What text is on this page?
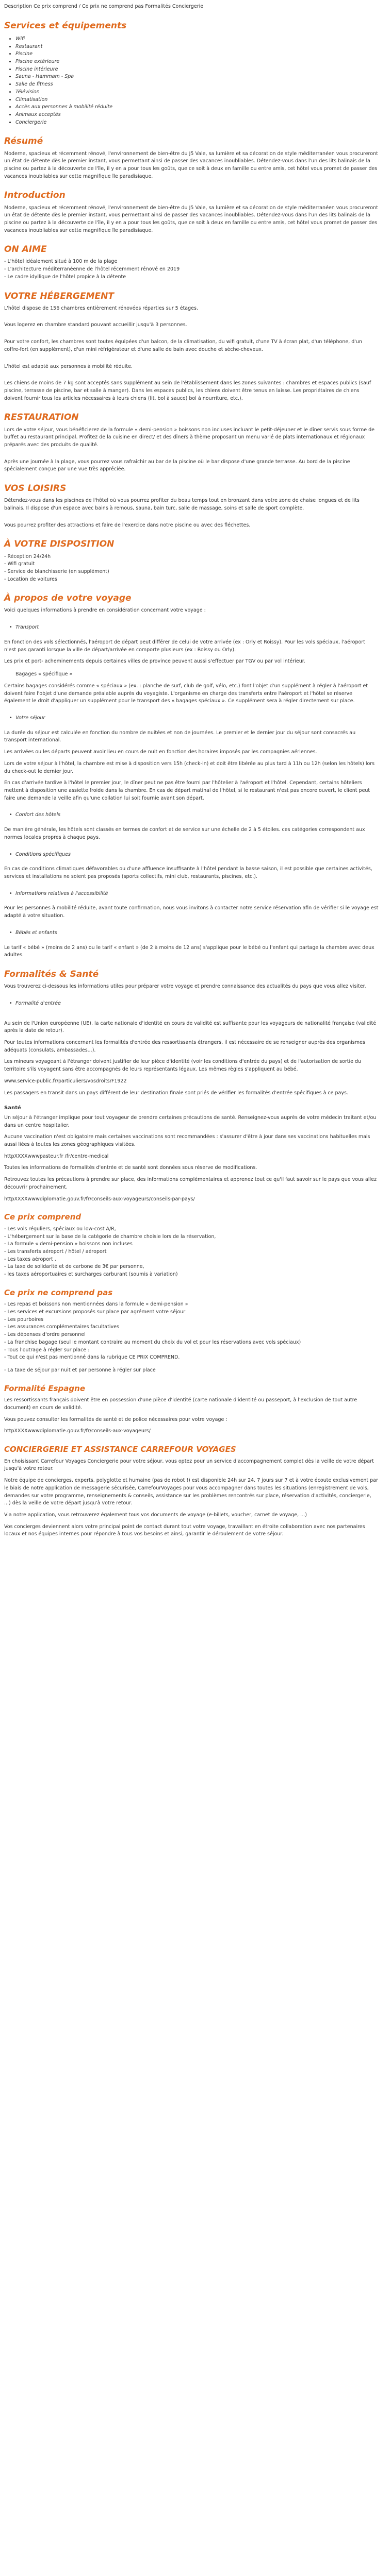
Description Ce prix comprend / Ce prix ne comprend pas Formalités Conciergerie

Services et équipements
• Wifi
• Restaurant
• Piscine
• Piscine extérieure
• Piscine intérieure
• Sauna - Hammam - Spa
• Salle de fitness
• Télévision
• Climatisation
• Accès aux personnes à mobilité réduite
• Animaux acceptés
• Conciergerie
Résumé

Moderne, spacieux et récemment rénové, l'environnement de bien-être du J5 Vale, sa lumière et sa décoration de style méditerranéen vous procureront un état de détente dès le premier instant, vous permettant ainsi de passer des vacances inoubliables. Détendez-vous dans l'un des lits balinais de la piscine ou partez à la découverte de l'île, il y en a pour tous les goûts, que ce soit à deux en famille ou entre amis, cet hôtel vous promet de passer des vacances inoubliables sur cette magnifique île paradisiaque.

Introduction

Moderne, spacieux et récemment rénové, l'environnement de bien-être du J5 Vale, sa lumière et sa décoration de style méditerranéen vous procureront un état de détente dès le premier instant, vous permettant ainsi de passer des vacances inoubliables. Détendez-vous dans l'un des lits balinais de la piscine ou partez à la découverte de l'île, il y en a pour tous les goûts, que ce soit à deux en famille ou entre amis, cet hôtel vous promet de passer des vacances inoubliables sur cette magnifique île paradisiaque.

ON AIME
- L'hôtel idéalement situé à 100 m de la plage
- L'architecture méditerranéenne de l'hôtel récemment rénové en 2019
- Le cadre idyllique de l'hôtel propice à la détente
VOTRE HÉBERGEMENT

L'hôtel dispose de 156 chambres entièrement rénovées réparties sur 5 étages.

Vous logerez en chambre standard pouvant accueillir jusqu'à 3 personnes.

Pour votre confort, les chambres sont toutes équipées d'un balcon, de la climatisation, du wifi gratuit, d'une TV à écran plat, d'un téléphone, d'un coffre-fort (en supplément), d'un mini réfrigérateur et d'une salle de bain avec douche et sèche-cheveux.

L'hôtel est adapté aux personnes à mobilité réduite.

Les chiens de moins de 7 kg sont acceptés sans supplément au sein de l'établissement dans les zones suivantes : chambres et espaces publics (sauf piscine, terrasse de piscine, bar et salle à manger). Dans les espaces publics, les chiens doivent être tenus en laisse. Les propriétaires de chiens doivent fournir tous les articles nécessaires à leurs chiens (lit, bol à sauce) bol à nourriture, etc.).

RESTAURATION

Lors de votre séjour, vous bénéficierez de la formule « demi-pension » boissons non incluses incluant le petit-déjeuner et le dîner servis sous forme de buffet au restaurant principal. Profitez de la cuisine en direct/ et des dîners à thème proposant un menu varié de plats internationaux et régionaux préparés avec des produits de qualité.

Après une journée à la plage, vous pourrez vous rafraîchir au bar de la piscine où le bar dispose d'une grande terrasse. Au bord de la piscine spécialement conçue par une vue très appréciée.

VOS LOISIRS

Détendez-vous dans les piscines de l'hôtel où vous pourrez profiter du beau temps tout en bronzant dans votre zone de chaise longues et de lits balinais. Il dispose d'un espace avec bains à remous, sauna, bain turc, salle de massage, soins et salle de sport complète.

Vous pourrez profiter des attractions et faire de l'exercice dans notre piscine ou avec des fléchettes.

À VOTRE DISPOSITION
- Réception 24/24h
- Wifi gratuit
- Service de blanchisserie (en supplément)
- Location de voitures
À propos de votre voyage

Voici quelques informations à prendre en considération concernant votre voyage :

• Transport

En fonction des vols sélectionnés, l'aéroport de départ peut différer de celui de votre arrivée (ex : Orly et Roissy). Pour les vols spéciaux, l'aéroport n'est pas garanti lorsque la ville de départ/arrivée en comporte plusieurs (ex : Roissy ou Orly).

Les prix et port- acheminements depuis certaines villes de province peuvent aussi s'effectuer par TGV ou par vol intérieur.

Bagages « spécifique »

Certains bagages considérés comme « spéciaux » (ex. : planche de surf, club de golf, vélo, etc.) font l'objet d'un supplément à régler à l'aéroport et doivent faire l'objet d'une demande préalable auprès du voyagiste. L'organisme en charge des transferts entre l'aéroport et l'hôtel se réserve également le droit d'appliquer un supplément pour le transport des « bagages spéciaux ». Ce supplément sera à régler directement sur place.

• Votre séjour

La durée du séjour est calculée en fonction du nombre de nuitées et non de journées. Le premier et le dernier jour du séjour sont consacrés au transport international.

Les arrivées ou les départs peuvent avoir lieu en cours de nuit en fonction des horaires imposés par les compagnies aériennes.

Lors de votre séjour à l'hôtel, la chambre est mise à disposition vers 15h (check-in) et doit être libérée au plus tard à 11h ou 12h (selon les hôtels) lors du check-out le dernier jour.

En cas d'arrivée tardive à l'hôtel le premier jour, le dîner peut ne pas être fourni par l'hôtelier à l'aéroport et l'hôtel. Cependant, certains hôteliers mettent à disposition une assiette froide dans la chambre. En cas de départ matinal de l'hôtel, si le restaurant n'est pas encore ouvert, le client peut faire une demande la veille afin qu'une collation lui soit fournie avant son départ.

• Confort des hôtels

De manière générale, les hôtels sont classés en termes de confort et de service sur une échelle de 2 à 5 étoiles. ces catégories correspondent aux normes locales propres à chaque pays.

• Conditions spécifiques

En cas de conditions climatiques défavorables ou d'une affluence insuffisante à l'hôtel pendant la basse saison, il est possible que certaines activités, services et installations ne soient pas proposés (sports collectifs, mini club, restaurants, piscines, etc.).

• Informations relatives à l'accessibilité

Pour les personnes à mobilité réduite, avant toute confirmation, nous vous invitons à contacter notre service réservation afin de vérifier si le voyage est adapté à votre situation.

• Bébés et enfants

Le tarif « bébé » (moins de 2 ans) ou le tarif « enfant » (de 2 à moins de 12 ans) s'applique pour le bébé ou l'enfant qui partage la chambre avec deux adultes.

Formalités & Santé

Vous trouverez ci-dessous les informations utiles pour préparer votre voyage et prendre connaissance des actualités du pays que vous allez visiter.

• Formalité d'entrée

Au sein de l'Union européenne (UE), la carte nationale d'identité en cours de validité est suffisante pour les voyageurs de nationalité française (validité après la date de retour).

Pour toutes informations concernant les formalités d'entrée des ressortissants étrangers, il est nécessaire de se renseigner auprès des organismes adéquats (consulats, ambassades...).

Les mineurs voyageant à l'étranger doivent justifier de leur pièce d'identité (voir les conditions d'entrée du pays) et de l'autorisation de sortie du territoire s'ils voyagent sans être accompagnés de leurs représentants légaux. Les mêmes règles s'appliquent au bébé.

www.service-public.fr/particuliers/vosdroits/F1922

Les passagers en transit dans un pays différent de leur destination finale sont priés de vérifier les formalités d'entrée spécifiques à ce pays.

Santé

Un séjour à l'étranger implique pour tout voyageur de prendre certaines précautions de santé. Renseignez-vous auprès de votre médecin traitant et/ou dans un centre hospitalier.

Aucune vaccination n'est obligatoire mais certaines vaccinations sont recommandées : s'assurer d'être à jour dans ses vaccinations habituelles mais aussi liées à toutes les zones géographiques visitées.

httpXXXXwwwpasteur.fr /fr/centre-medical

Toutes les informations de formalités d'entrée et de santé sont données sous réserve de modifications.

Retrouvez toutes les précautions à prendre sur place, des informations complémentaires et apprenez tout ce qu'il faut savoir sur le pays que vous allez découvrir prochainement.

httpXXXXwwwdiplomatie.gouv.fr/fr/conseils-aux-voyageurs/conseils-par-pays/

Ce prix comprend
- Les vols réguliers, spéciaux ou low-cost A/R,
- L'hébergement sur la base de la catégorie de chambre choisie lors de la réservation,
- La formule « demi-pension » boissons non incluses
- Les transferts aéroport / hôtel / aéroport
- Les taxes aéroport ,
- La taxe de solidarité et de carbone de 3€ par personne,
- les taxes aéroportuaires et surcharges carburant (soumis à variation)
Ce prix ne comprend pas
- Les repas et boissons non mentionnées dans la formule « demi-pension »
- Les services et excursions proposés sur place par agrément votre séjour
- Les pourboires
- Les assurances complémentaires facultatives
- Les dépenses d'ordre personnel
- La franchise bagage (seul le montant contraire au moment du choix du vol et pour les réservations avec vols spéciaux)
- Tous l'outrage à régler sur place :
- Tout ce qui n'est pas mentionné dans la rubrique CE PRIX COMPREND.

- La taxe de séjour par nuit et par personne à régler sur place

Formalité Espagne

Les ressortissants français doivent être en possession d'une pièce d'identité (carte nationale d'identité ou passeport, à l'exclusion de tout autre document) en cours de validité.

Vous pouvez consulter les formalités de santé et de police nécessaires pour votre voyage :

httpXXXXwwwdiplomatie.gouv.fr/fr/conseils-aux-voyageurs/

CONCIERGERIE ET ASSISTANCE CARREFOUR VOYAGES

En choisissant Carrefour Voyages Conciergerie pour votre séjour, vous optez pour un service d'accompagnement complet dès la veille de votre départ jusqu'à votre retour.

Notre équipe de concierges, experts, polyglotte et humaine (pas de robot !) est disponible 24h sur 24, 7 jours sur 7 et à votre écoute exclusivement par le biais de notre application de messagerie sécurisée, CarrefourVoyages pour vous accompagner dans toutes les situations (enregistrement de vols, demandes sur votre programme, renseignements & conseils, assistance sur les problèmes rencontrés sur place, réservation d'activités, conciergerie, ...) dès la veille de votre départ jusqu'à votre retour.

Via notre application, vous retrouverez également tous vos documents de voyage (e-billets, voucher, carnet de voyage, ...)

Vos concierges deviennent alors votre principal point de contact durant tout votre voyage, travaillant en étroite collaboration avec nos partenaires locaux et nos équipes internes pour répondre à tous vos besoins et ainsi, garantir le déroulement de votre séjour.
